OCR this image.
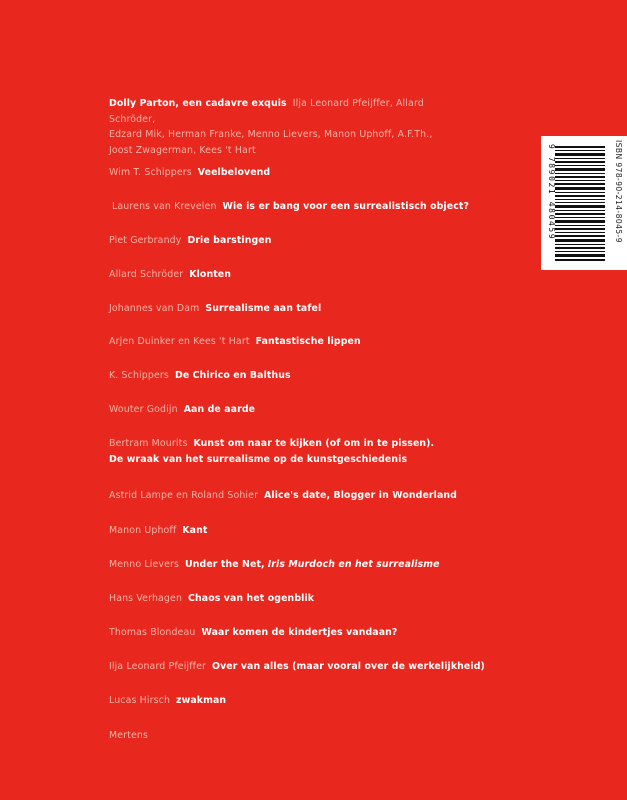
Dolly Parton, een cadavre exquis Ilja Leonard Pfeijffer, Allard Schröder,
Edzard Mik, Herman Franke, Menno Lievers, Manon Uphoff, A.F.Th.,
Joost Zwagerman, Kees 't Hart
Wim T. Schippers Veelbelovend
Laurens van Krevelen Wie is er bang voor een surrealistisch object?
Piet Gerbrandy Drie barstingen
Allard Schröder Klonten
Johannes van Dam Surrealisme aan tafel
Arjen Duinker en Kees 't Hart Fantastische lippen
K. Schippers De Chirico en Balthus
Wouter Godijn Aan de aarde
Bertram Mourits Kunst om naar te kijken (of om in te pissen).
De wraak van het surrealisme op de kunstgeschiedenis
Astrid Lampe en Roland Sohier Alice's date, Blogger in Wonderland
Manon Uphoff Kant
Menno Lievers Under the Net, Iris Murdoch en het surrealisme
Hans Verhagen Chaos van het ogenblik
Thomas Blondeau Waar komen de kindertjes vandaan?
Ilja Leonard Pfeijffer Over van alles (maar vooral over de werkelijkheid)
Lucas Hirsch zwakman
Mertens
ISBN 978-90-214-8045-9
9 789021 480459
